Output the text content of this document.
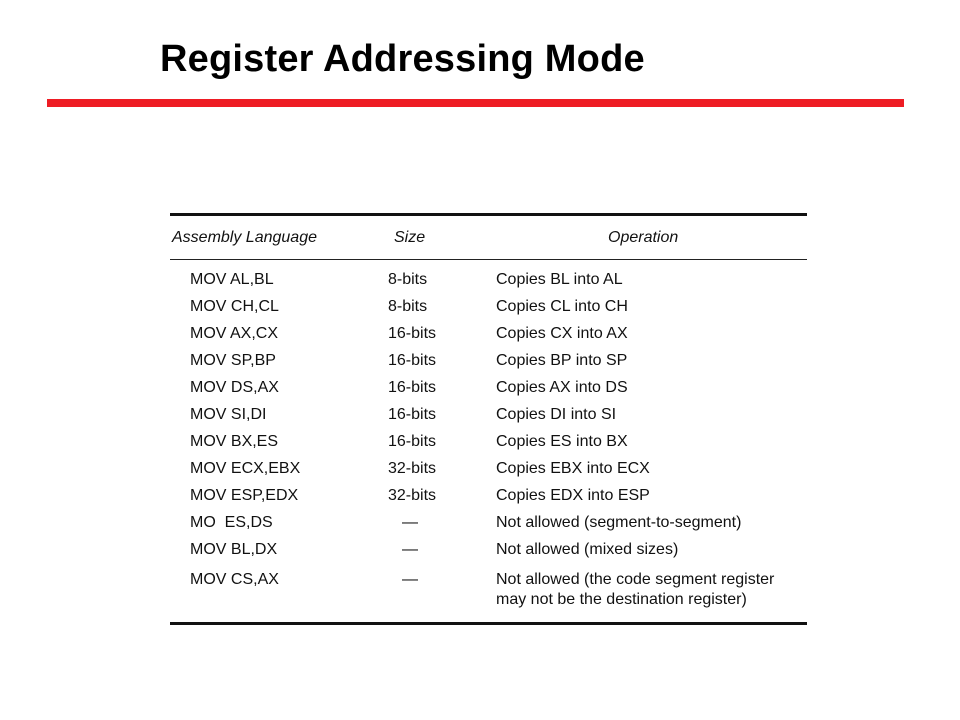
Register Addressing Mode
Assembly Language	Size	Operation
MOV AL,BL	8-bits	Copies BL into AL
MOV CH,CL	8-bits	Copies CL into CH
MOV AX,CX	16-bits	Copies CX into AX
MOV SP,BP	16-bits	Copies BP into SP
MOV DS,AX	16-bits	Copies AX into DS
MOV SI,DI	16-bits	Copies DI into SI
MOV BX,ES	16-bits	Copies ES into BX
MOV ECX,EBX	32-bits	Copies EBX into ECX
MOV ESP,EDX	32-bits	Copies EDX into ESP
MO  ES,DS	—	Not allowed (segment-to-segment)
MOV BL,DX	—	Not allowed (mixed sizes)
MOV CS,AX	—	Not allowed (the code segment register may not be the destination register)
